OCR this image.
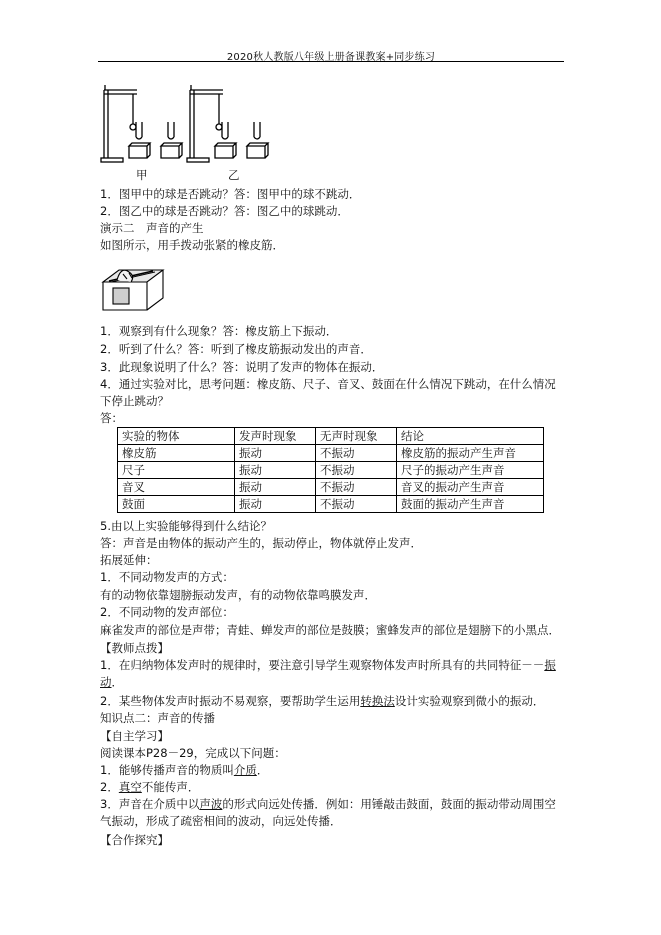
2020秋人教版八年级上册备课教案+同步练习
甲	乙
1．图甲中的球是否跳动？答：图甲中的球不跳动．
2．图乙中的球是否跳动？答：图乙中的球跳动．
演示二　声音的产生
如图所示，用手拨动张紧的橡皮筋．
1．观察到有什么现象？答：橡皮筋上下振动．
2．听到了什么？答：听到了橡皮筋振动发出的声音．
3．此现象说明了什么？答：说明了发声的物体在振动．
4．通过实验对比，思考问题：橡皮筋、尺子、音叉、鼓面在什么情况下跳动，在什么情况下停止跳动？
答：
实验的物体	发声时现象	无声时现象	结论
橡皮筋	振动	不振动	橡皮筋的振动产生声音
尺子	振动	不振动	尺子的振动产生声音
音叉	振动	不振动	音叉的振动产生声音
鼓面	振动	不振动	鼓面的振动产生声音
5.由以上实验能够得到什么结论？
答：声音是由物体的振动产生的，振动停止，物体就停止发声．
拓展延伸：
1．不同动物发声的方式：
有的动物依靠翅膀振动发声，有的动物依靠鸣膜发声．
2．不同动物的发声部位：
麻雀发声的部位是声带；青蛙、蝉发声的部位是鼓膜；蜜蜂发声的部位是翅膀下的小黑点．
【教师点拨】
1．在归纳物体发声时的规律时，要注意引导学生观察物体发声时所具有的共同特征－－振动．
2．某些物体发声时振动不易观察，要帮助学生运用转换法设计实验观察到微小的振动．
知识点二：声音的传播
【自主学习】
阅读课本P28－29，完成以下问题：
1．能够传播声音的物质叫介质．
2．真空不能传声．
3．声音在介质中以声波的形式向远处传播．例如：用锤敲击鼓面，鼓面的振动带动周围空气振动，形成了疏密相间的波动，向远处传播．
【合作探究】
